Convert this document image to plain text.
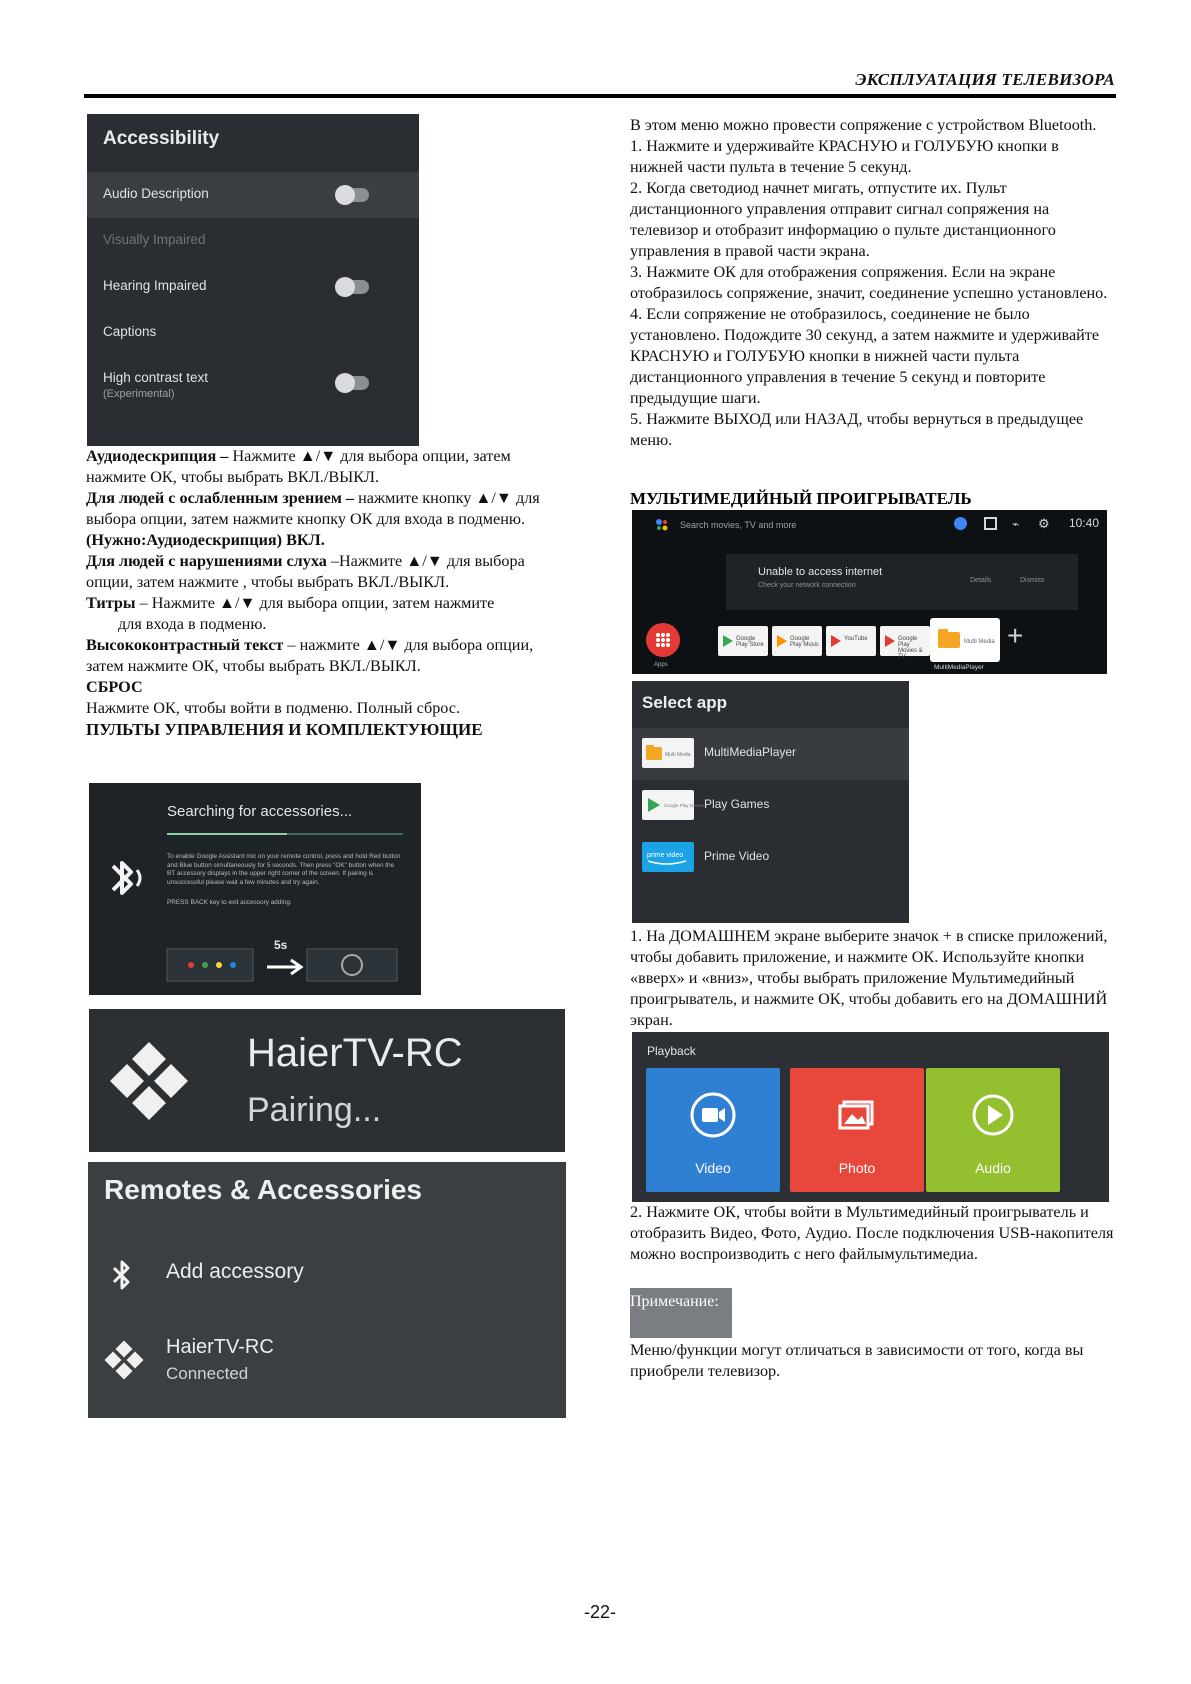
ЭКСПЛУАТАЦИЯ ТЕЛЕВИЗОРА
Accessibility
Audio Description
Visually Impaired
Hearing Impaired
Captions
High contrast text
(Experimental)
Аудиодескрипция – Нажмите ▲/▼ для выбора опции, затем нажмите ОК, чтобы выбрать ВКЛ./ВЫКЛ.
Для людей с ослабленным зрением – нажмите кнопку ▲/▼ для выбора опции, затем нажмите кнопку ОК для входа в подменю.
(Нужно:Аудиодескрипция) ВКЛ.
Для людей с нарушениями слуха –Нажмите ▲/▼ для выбора опции, затем нажмите , чтобы выбрать ВКЛ./ВЫКЛ.
Титры – Нажмите ▲/▼ для выбора опции, затем нажмите
для входа в подменю.
Высококонтрастный текст – нажмите ▲/▼ для выбора опции, затем нажмите ОК, чтобы выбрать ВКЛ./ВЫКЛ.
СБРОС
Нажмите ОК, чтобы войти в подменю. Полный сброс.
ПУЛЬТЫ УПРАВЛЕНИЯ И КОМПЛЕКТУЮЩИЕ
Searching for accessories...
To enable Google Assistant mic on your remote control, press and hold Red button and Blue button simultaneously for 5 seconds. Then press "OK" button when the BT accessory displays in the upper right corner of the screen. If pairing is unsuccessful please wait a few minutes and try again.
PRESS BACK key to exit accessory adding.
5s
HaierTV-RC
Pairing...
Remotes & Accessories
Add accessory
HaierTV-RC
Connected
В этом меню можно провести сопряжение с устройством Bluetooth.
1. Нажмите и удерживайте КРАСНУЮ и ГОЛУБУЮ кнопки в нижней части пульта в течение 5 секунд.
2. Когда светодиод начнет мигать, отпустите их. Пульт дистанционного управления отправит сигнал сопряжения на телевизор и отобразит информацию о пульте дистанционного управления в правой части экрана.
3. Нажмите ОК для отображения сопряжения. Если на экране отобразилось сопряжение, значит, соединение успешно установлено.
4. Если сопряжение не отобразилось, соединение не было установлено. Подождите 30 секунд, а затем нажмите и удерживайте КРАСНУЮ и ГОЛУБУЮ кнопки в нижней части пульта дистанционного управления в течение 5 секунд и повторите предыдущие шаги.
5. Нажмите ВЫХОД или НАЗАД, чтобы вернуться в предыдущее меню.
МУЛЬТИМЕДИЙНЫЙ ПРОИГРЫВАТЕЛЬ
Search movies, TV and more	⌁	⚙ 10:40
Unable to access internet
Check your network connection
Details	Dismiss
Apps
Google Play Store
Google Play Music
YouTube	Google Play Movies & TV
Multi Media
MultiMediaPlayer
+
Select app
Multi Media MultiMediaPlayer
Google Play Games Play Games
prime video Prime Video
1. На ДОМАШНЕМ экране выберите значок + в списке приложений, чтобы добавить приложение, и нажмите ОК. Используйте кнопки «вверх» и «вниз», чтобы выбрать приложение Мультимедийный проигрыватель, и нажмите ОК, чтобы добавить его на ДОМАШНИЙ экран.
Playback
Video	Photo	Audio
2. Нажмите ОК, чтобы войти в Мультимедийный проигрыватель и отобразить Видео, Фото, Аудио. После подключения USB-накопителя можно воспроизводить с него файлымультимедиа.
Примечание:
Меню/функции могут отличаться в зависимости от того, когда вы приобрели телевизор.
-22-
